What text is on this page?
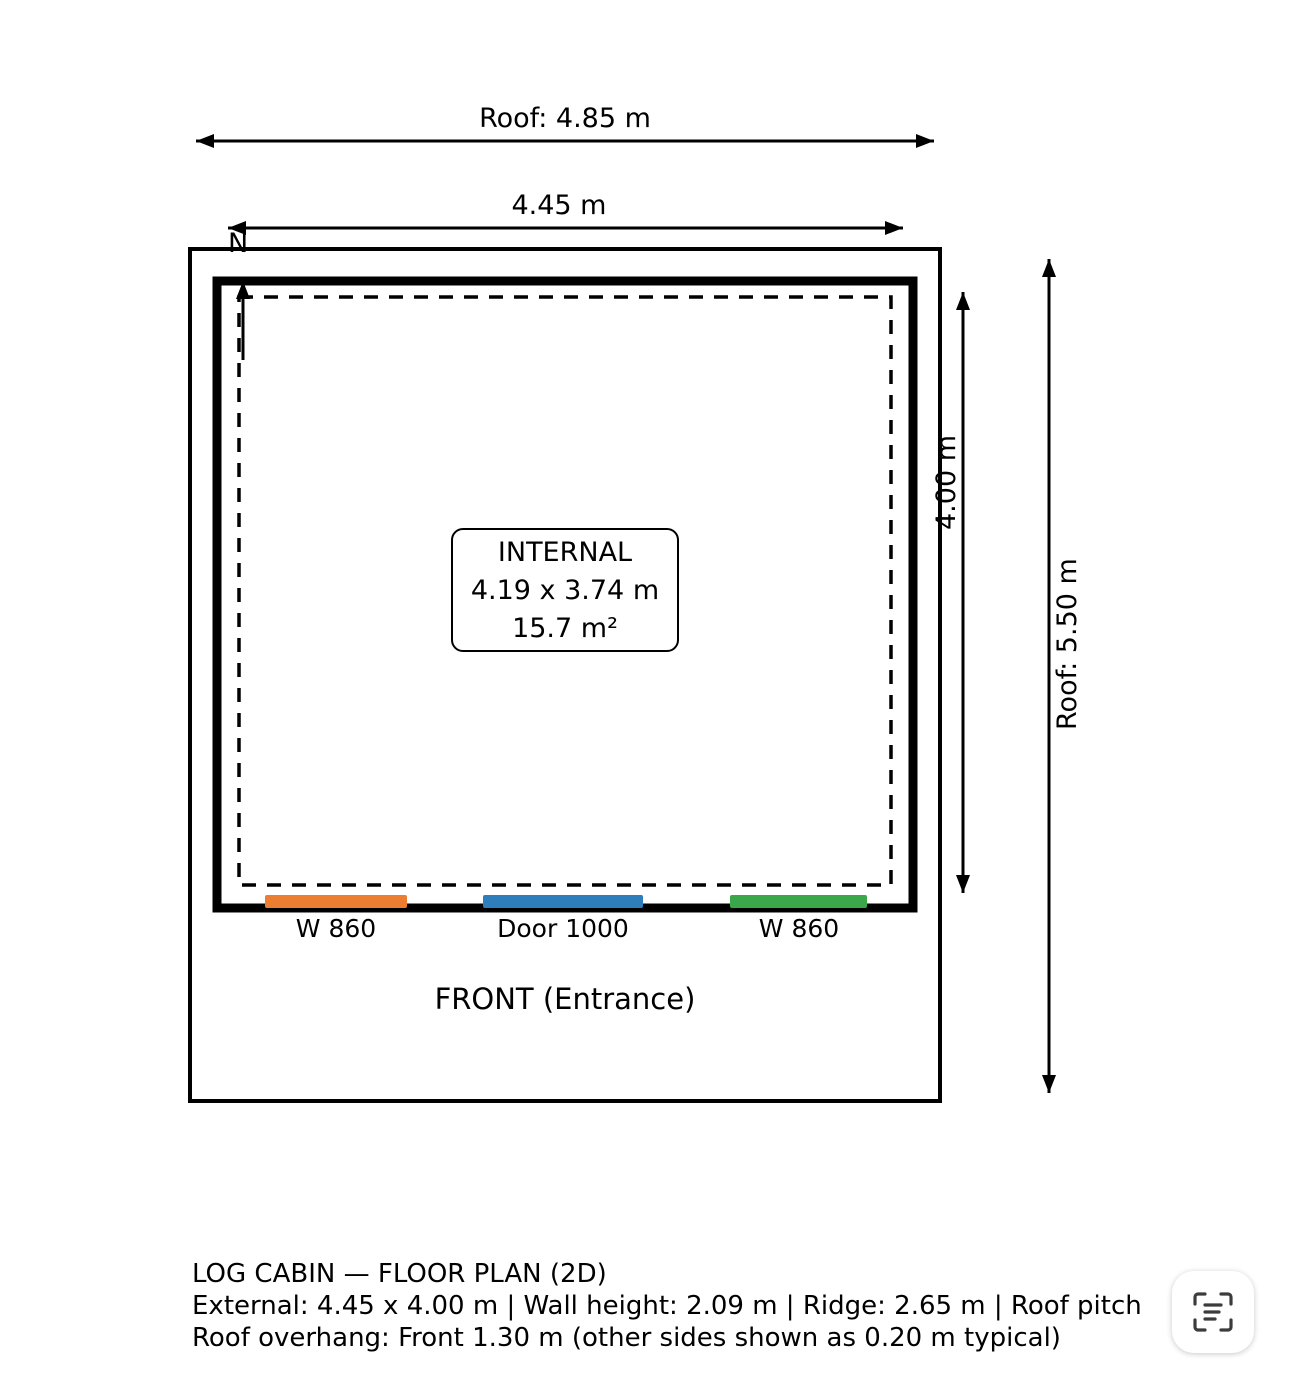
Roof: 4.85 m
4.45 m
N
4.00 m
Roof: 5.50 m
INTERNAL
4.19 x 3.74 m
15.7 m²
W 860	Door 1000	W 860
FRONT (Entrance)
LOG CABIN — FLOOR PLAN (2D)
External: 4.45 x 4.00 m | Wall height: 2.09 m | Ridge: 2.65 m | Roof pitch
Roof overhang: Front 1.30 m (other sides shown as 0.20 m typical)
